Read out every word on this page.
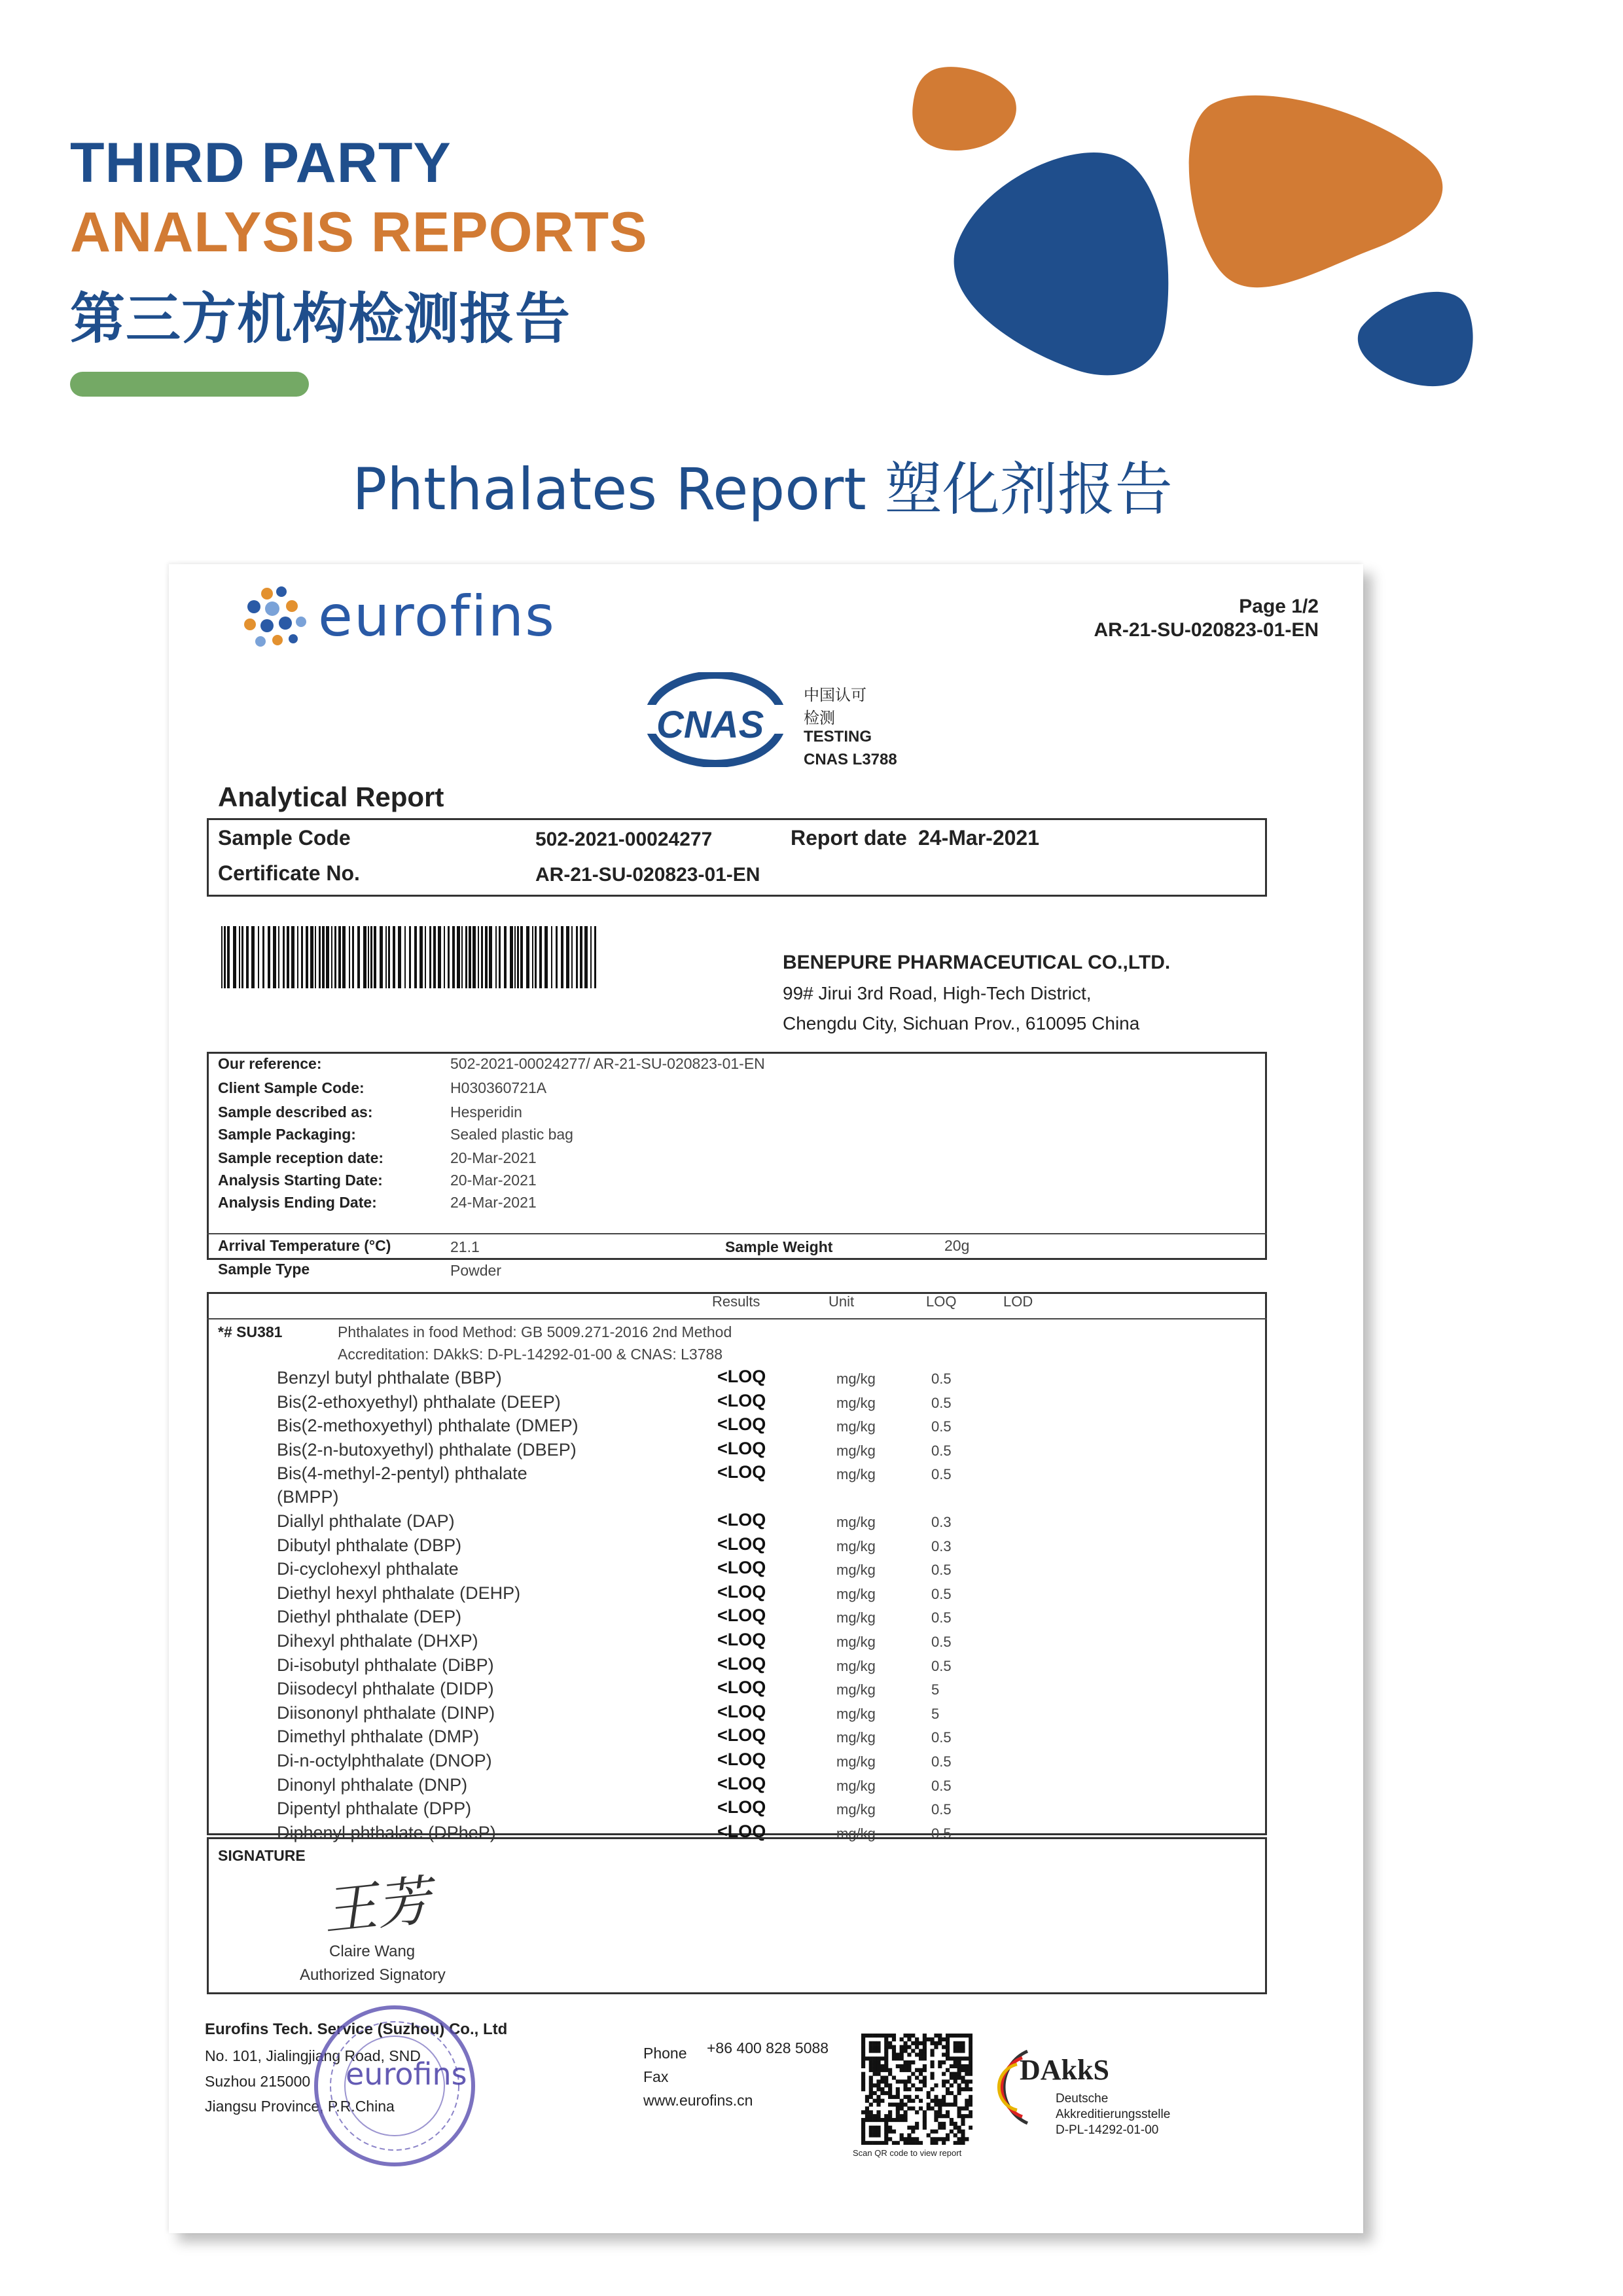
THIRD PARTY
ANALYSIS REPORTS
第三方机构检测报告
Phthalates Report 塑化剂报告
eurofins	Page 1/2
AR-21-SU-020823-01-EN
CNAS
中国认可
检测
TESTING
CNAS L3788
Analytical Report
Sample Code	502-2021-00024277	Report date 24-Mar-2021
Certificate No.	AR-21-SU-020823-01-EN
BENEPURE PHARMACEUTICAL CO.,LTD.
99# Jirui 3rd Road, High-Tech District,
Chengdu City, Sichuan Prov., 610095 China
Our reference:	502-2021-00024277/ AR-21-SU-020823-01-EN
Client Sample Code:	H030360721A
Sample described as:	Hesperidin
Sample Packaging:	Sealed plastic bag
Sample reception date:	20-Mar-2021
Analysis Starting Date:	20-Mar-2021
Analysis Ending Date:	24-Mar-2021
Arrival Temperature (°C)	21.1	Sample Weight	20g
Sample Type	Powder
Results	Unit	LOQ	LOD
*# SU381	Phthalates in food Method: GB 5009.271-2016 2nd Method
Accreditation: DAkkS: D-PL-14292-01-00 & CNAS: L3788
Benzyl butyl phthalate (BBP)	<LOQ	mg/kg	0.5
Bis(2-ethoxyethyl) phthalate (DEEP)	<LOQ	mg/kg	0.5
Bis(2-methoxyethyl) phthalate (DMEP)	<LOQ	mg/kg	0.5
Bis(2-n-butoxyethyl) phthalate (DBEP)	<LOQ	mg/kg	0.5
Bis(4-methyl-2-pentyl) phthalate	<LOQ	mg/kg	0.5
(BMPP)
Diallyl phthalate (DAP)	<LOQ	mg/kg	0.3
Dibutyl phthalate (DBP)	<LOQ	mg/kg	0.3
Di-cyclohexyl phthalate	<LOQ	mg/kg	0.5
Diethyl hexyl phthalate (DEHP)	<LOQ	mg/kg	0.5
Diethyl phthalate (DEP)	<LOQ	mg/kg	0.5
Dihexyl phthalate (DHXP)	<LOQ	mg/kg	0.5
Di-isobutyl phthalate (DiBP)	<LOQ	mg/kg	0.5
Diisodecyl phthalate (DIDP)	<LOQ	mg/kg	5
Diisononyl phthalate (DINP)	<LOQ	mg/kg	5
Dimethyl phthalate (DMP)	<LOQ	mg/kg	0.5
Di-n-octylphthalate (DNOP)	<LOQ	mg/kg	0.5
Dinonyl phthalate (DNP)	<LOQ	mg/kg	0.5
Dipentyl phthalate (DPP)	<LOQ	mg/kg	0.5
Diphenyl phthalate (DPheP)	<LOQ	mg/kg	0.5
SIGNATURE
王芳
Claire Wang
Authorized Signatory
Eurofins Tech. Service (Suzhou) Co., Ltd
No. 101, Jialingjiang Road, SND
Suzhou 215000
Jiangsu Province, P.R.China
eurofins
Phone +86 400 828 5088
Fax
www.eurofins.cn
Scan QR code to view report
DAkkS
Deutsche
Akkreditierungsstelle
D-PL-14292-01-00
